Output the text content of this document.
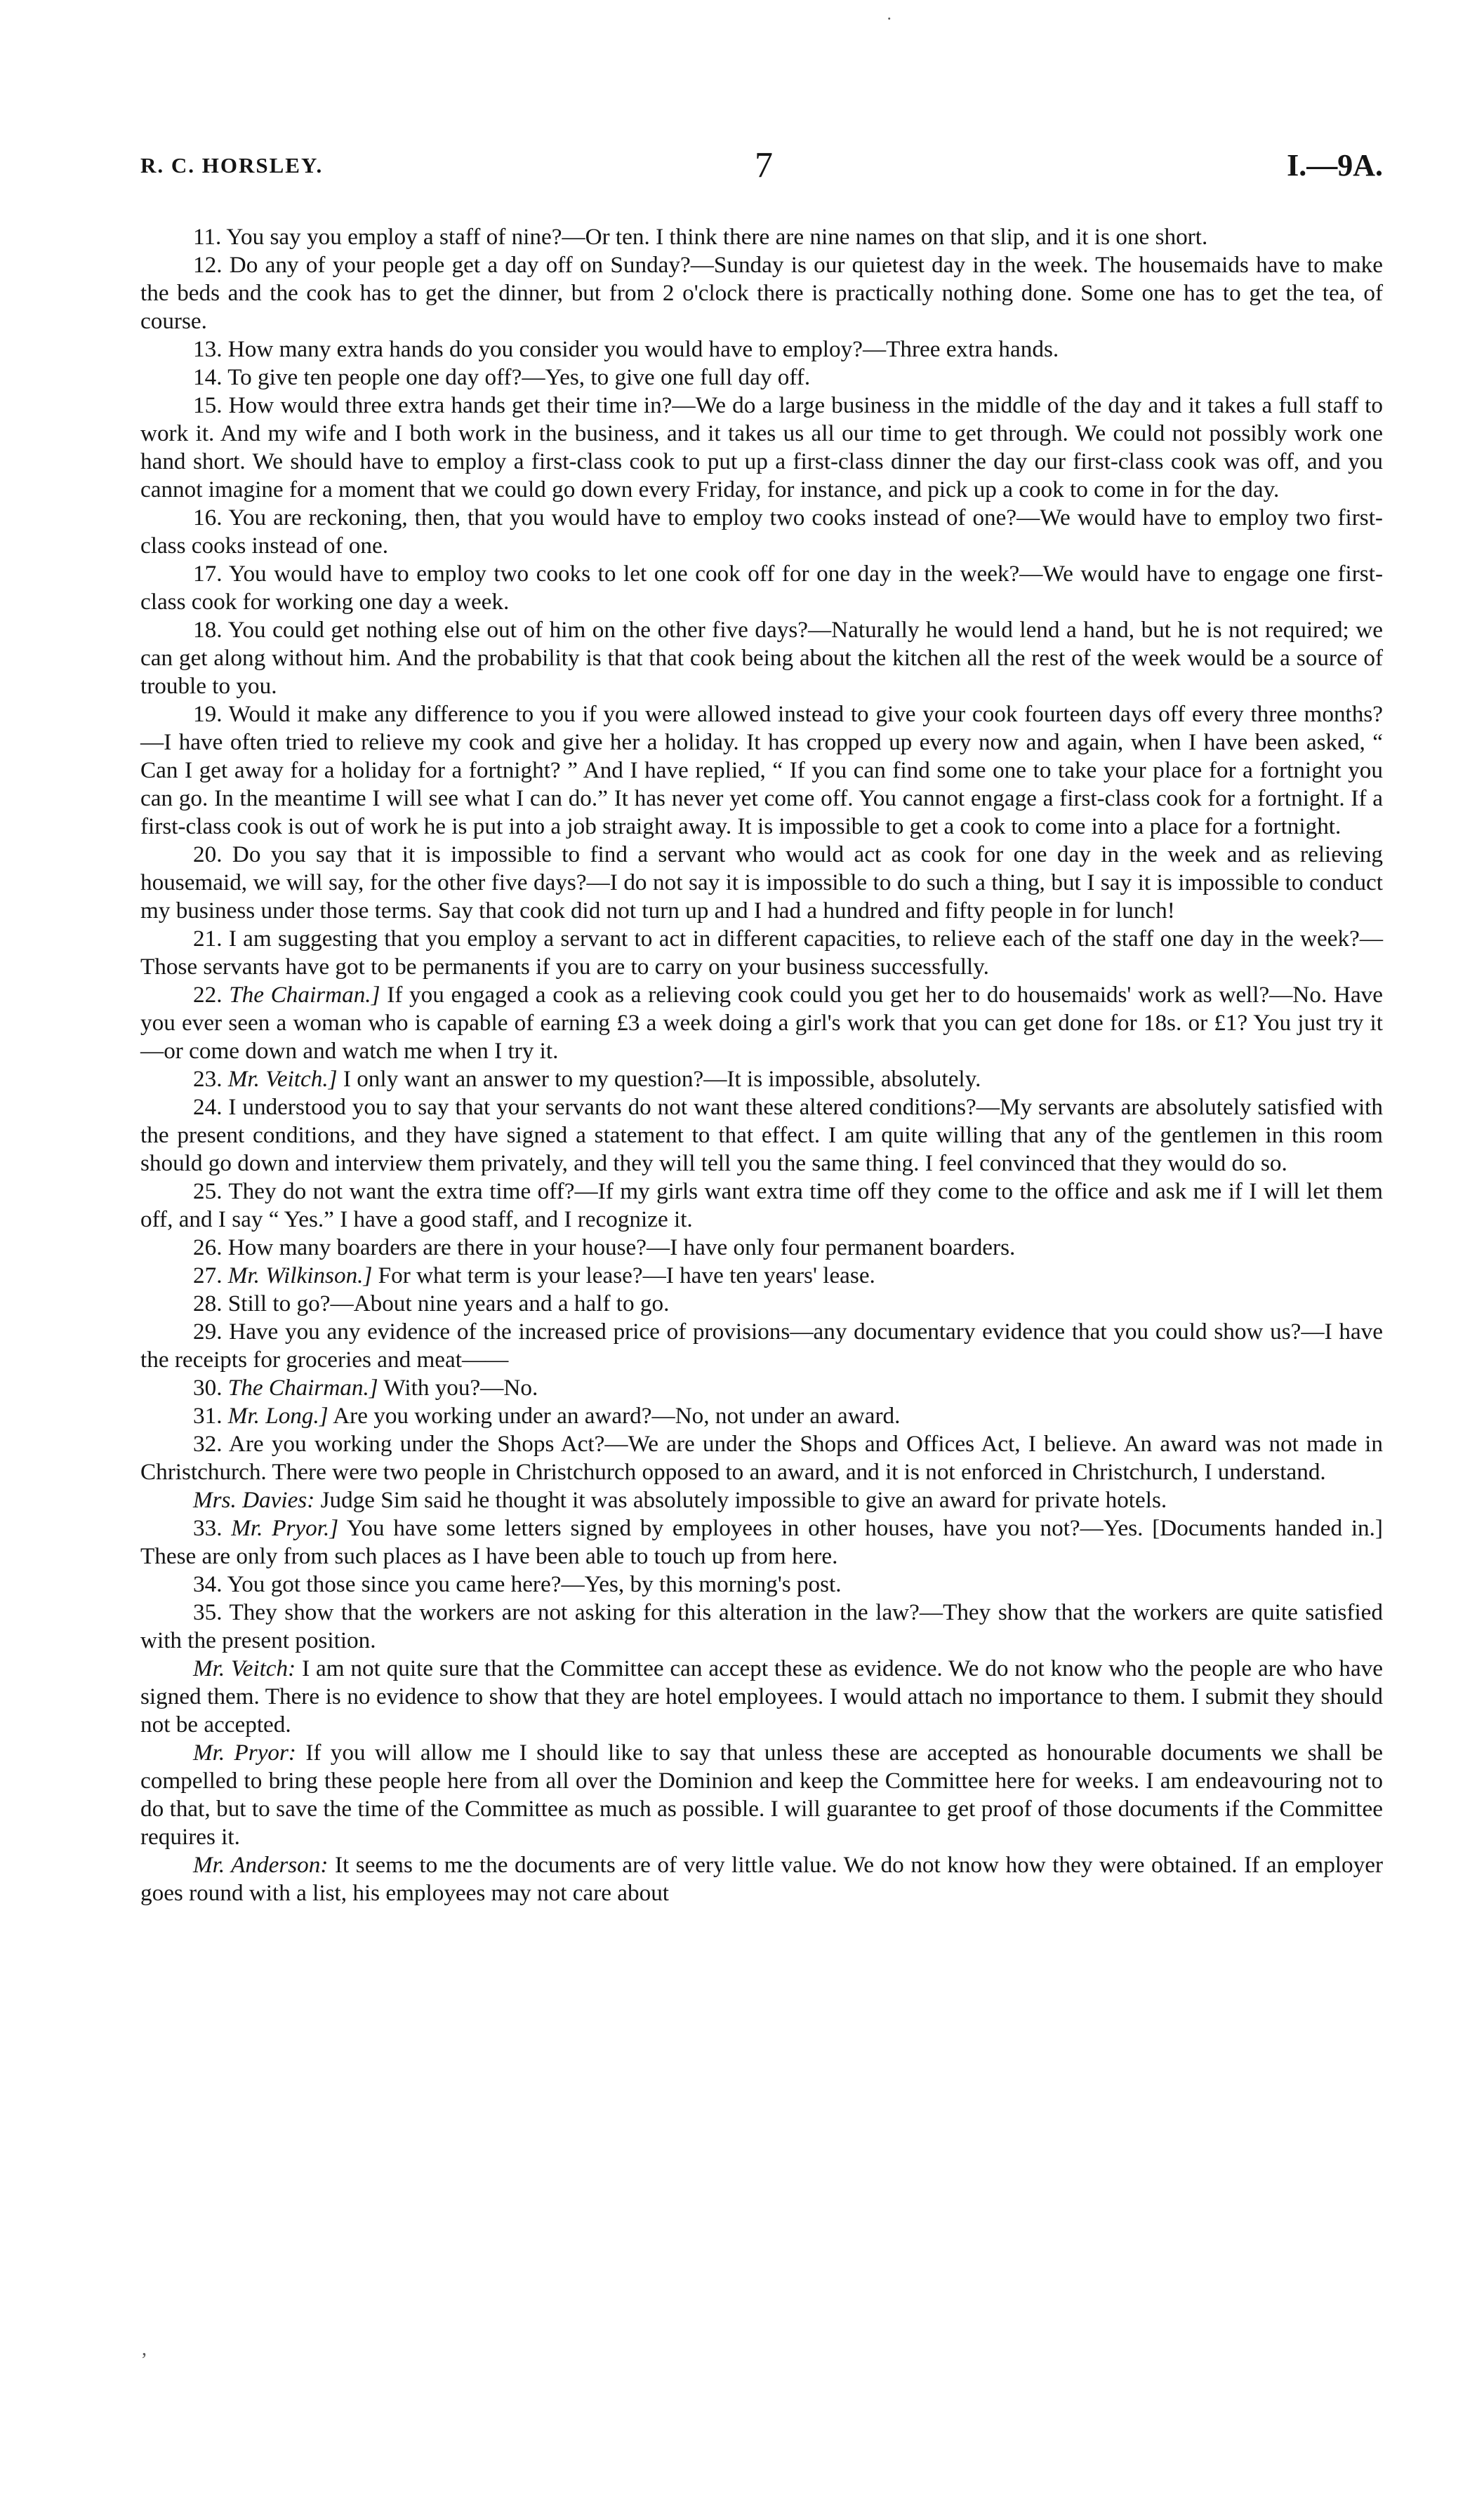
˙
R. C. HORSLEY.	7	I.—9A.

11. You say you employ a staff of nine?—Or ten. I think there are nine names on that slip, and it is one short.

12. Do any of your people get a day off on Sunday?—Sunday is our quietest day in the week. The housemaids have to make the beds and the cook has to get the dinner, but from 2 o'clock there is practically nothing done. Some one has to get the tea, of course.

13. How many extra hands do you consider you would have to employ?—Three extra hands.

14. To give ten people one day off?—Yes, to give one full day off.

15. How would three extra hands get their time in?—We do a large business in the middle of the day and it takes a full staff to work it. And my wife and I both work in the business, and it takes us all our time to get through. We could not possibly work one hand short. We should have to employ a first-class cook to put up a first-class dinner the day our first-class cook was off, and you cannot imagine for a moment that we could go down every Friday, for instance, and pick up a cook to come in for the day.

16. You are reckoning, then, that you would have to employ two cooks instead of one?—We would have to employ two first-class cooks instead of one.

17. You would have to employ two cooks to let one cook off for one day in the week?—We would have to engage one first-class cook for working one day a week.

18. You could get nothing else out of him on the other five days?—Naturally he would lend a hand, but he is not required; we can get along without him. And the probability is that that cook being about the kitchen all the rest of the week would be a source of trouble to you.

19. Would it make any difference to you if you were allowed instead to give your cook fourteen days off every three months?—I have often tried to relieve my cook and give her a holiday. It has cropped up every now and again, when I have been asked, “ Can I get away for a holiday for a fortnight? ” And I have replied, “ If you can find some one to take your place for a fortnight you can go. In the meantime I will see what I can do.” It has never yet come off. You cannot engage a first-class cook for a fortnight. If a first-class cook is out of work he is put into a job straight away. It is impossible to get a cook to come into a place for a fortnight.

20. Do you say that it is impossible to find a servant who would act as cook for one day in the week and as relieving housemaid, we will say, for the other five days?—I do not say it is impossible to do such a thing, but I say it is impossible to conduct my business under those terms. Say that cook did not turn up and I had a hundred and fifty people in for lunch!

21. I am suggesting that you employ a servant to act in different capacities, to relieve each of the staff one day in the week?—Those servants have got to be permanents if you are to carry on your business successfully.

22. The Chairman.] If you engaged a cook as a relieving cook could you get her to do housemaids' work as well?—No. Have you ever seen a woman who is capable of earning £3 a week doing a girl's work that you can get done for 18s. or £1? You just try it—or come down and watch me when I try it.

23. Mr. Veitch.] I only want an answer to my question?—It is impossible, absolutely.

24. I understood you to say that your servants do not want these altered conditions?—My servants are absolutely satisfied with the present conditions, and they have signed a statement to that effect. I am quite willing that any of the gentlemen in this room should go down and interview them privately, and they will tell you the same thing. I feel convinced that they would do so.

25. They do not want the extra time off?—If my girls want extra time off they come to the office and ask me if I will let them off, and I say “ Yes.” I have a good staff, and I recognize it.

26. How many boarders are there in your house?—I have only four permanent boarders.

27. Mr. Wilkinson.] For what term is your lease?—I have ten years' lease.

28. Still to go?—About nine years and a half to go.

29. Have you any evidence of the increased price of provisions—any documentary evidence that you could show us?—I have the receipts for groceries and meat——

30. The Chairman.] With you?—No.

31. Mr. Long.] Are you working under an award?—No, not under an award.

32. Are you working under the Shops Act?—We are under the Shops and Offices Act, I believe. An award was not made in Christchurch. There were two people in Christchurch opposed to an award, and it is not enforced in Christchurch, I understand.

Mrs. Davies: Judge Sim said he thought it was absolutely impossible to give an award for private hotels.

33. Mr. Pryor.] You have some letters signed by employees in other houses, have you not?—Yes. [Documents handed in.] These are only from such places as I have been able to touch up from here.

34. You got those since you came here?—Yes, by this morning's post.

35. They show that the workers are not asking for this alteration in the law?—They show that the workers are quite satisfied with the present position.

Mr. Veitch: I am not quite sure that the Committee can accept these as evidence. We do not know who the people are who have signed them. There is no evidence to show that they are hotel employees. I would attach no importance to them. I submit they should not be accepted.

Mr. Pryor: If you will allow me I should like to say that unless these are accepted as honourable documents we shall be compelled to bring these people here from all over the Dominion and keep the Committee here for weeks. I am endeavouring not to do that, but to save the time of the Committee as much as possible. I will guarantee to get proof of those documents if the Committee requires it.

Mr. Anderson: It seems to me the documents are of very little value. We do not know how they were obtained. If an employer goes round with a list, his employees may not care about

,
